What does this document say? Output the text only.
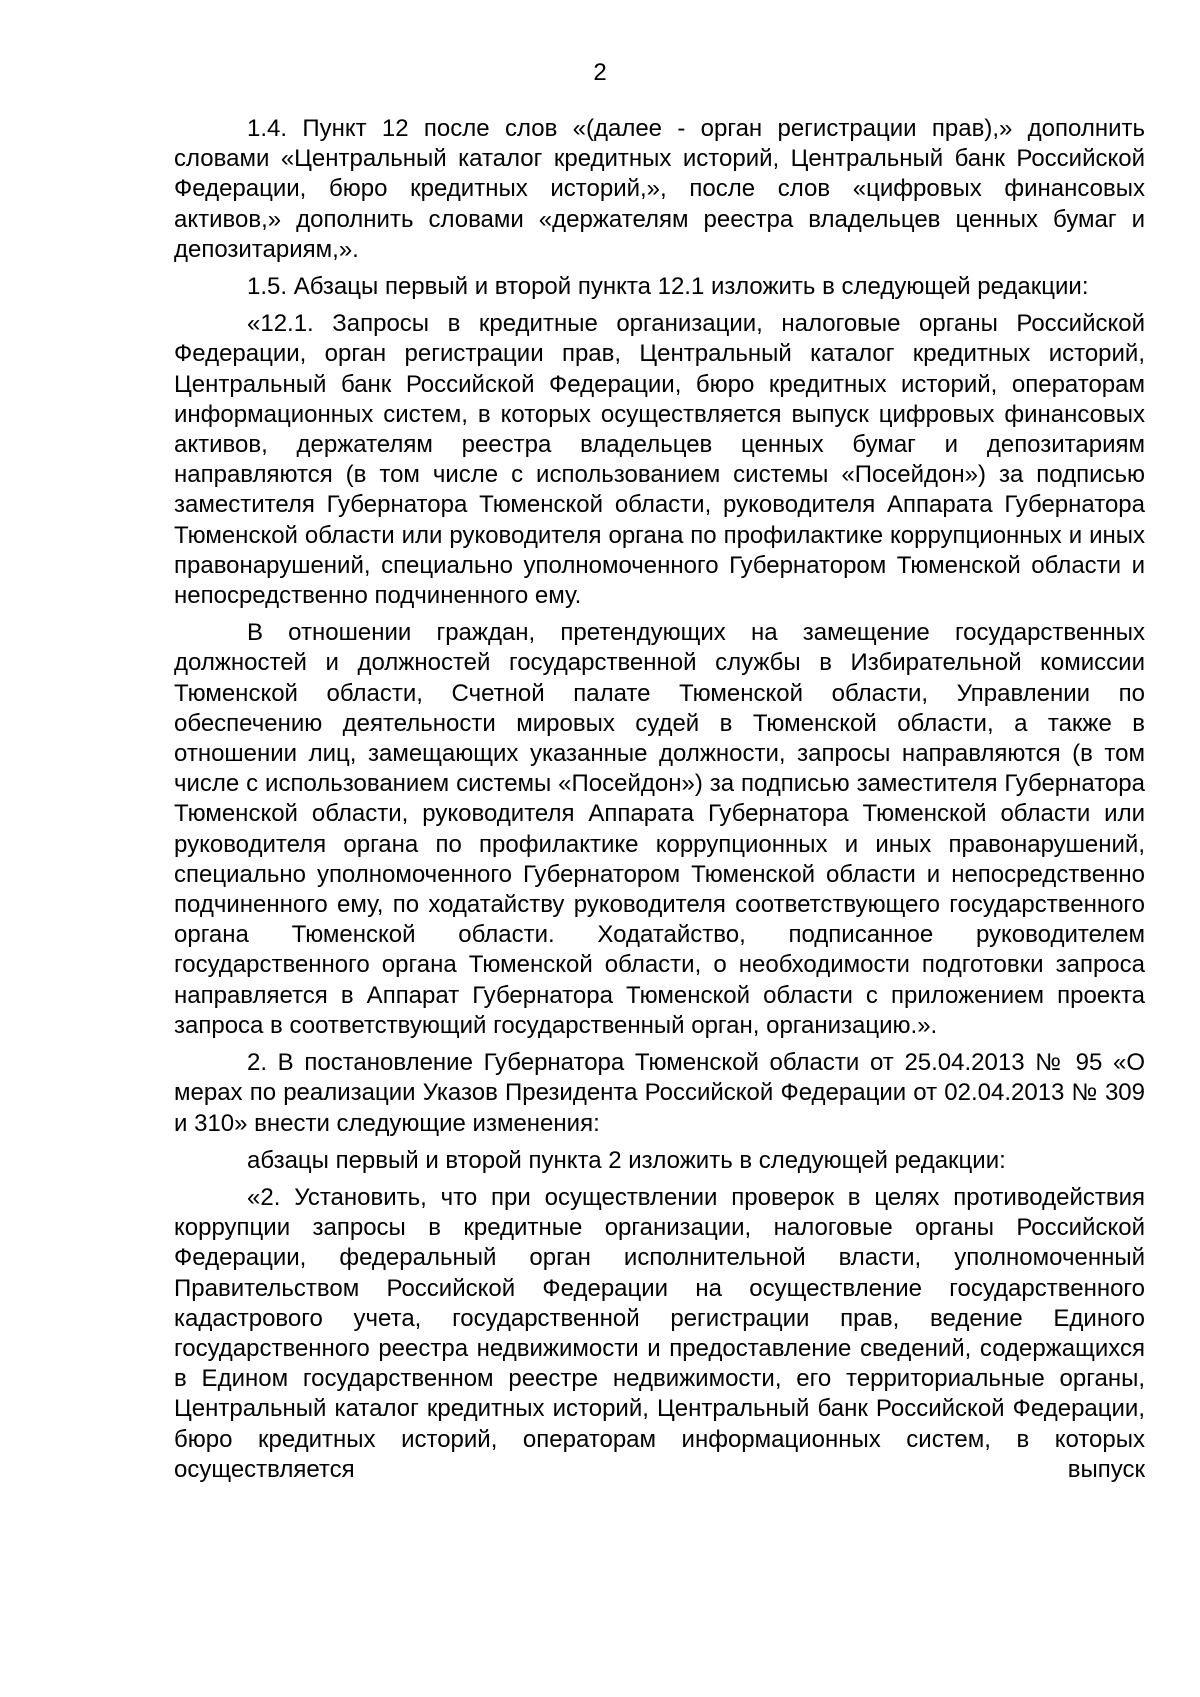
2

1.4. Пункт 12 после слов «(далее - орган регистрации прав),» дополнить словами «Центральный каталог кредитных историй, Центральный банк Российской Федерации, бюро кредитных историй,», после слов «цифровых финансовых активов,» дополнить словами «держателям реестра владельцев ценных бумаг и депозитариям,».

1.5. Абзацы первый и второй пункта 12.1 изложить в следующей редакции:

«12.1. Запросы в кредитные организации, налоговые органы Российской Федерации, орган регистрации прав, Центральный каталог кредитных историй, Центральный банк Российской Федерации, бюро кредитных историй, операторам информационных систем, в которых осуществляется выпуск цифровых финансовых активов, держателям реестра владельцев ценных бумаг и депозитариям направляются (в том числе с использованием системы «Посейдон») за подписью заместителя Губернатора Тюменской области, руководителя Аппарата Губернатора Тюменской области или руководителя органа по профилактике коррупционных и иных правонарушений, специально уполномоченного Губернатором Тюменской области и непосредственно подчиненного ему.

В отношении граждан, претендующих на замещение государственных должностей и должностей государственной службы в Избирательной комиссии Тюменской области, Счетной палате Тюменской области, Управлении по обеспечению деятельности мировых судей в Тюменской области, а также в отношении лиц, замещающих указанные должности, запросы направляются (в том числе с использованием системы «Посейдон») за подписью заместителя Губернатора Тюменской области, руководителя Аппарата Губернатора Тюменской области или руководителя органа по профилактике коррупционных и иных правонарушений, специально уполномоченного Губернатором Тюменской области и непосредственно подчиненного ему, по ходатайству руководителя соответствующего государственного органа Тюменской области. Ходатайство, подписанное руководителем государственного органа Тюменской области, о необходимости подготовки запроса направляется в Аппарат Губернатора Тюменской области с приложением проекта запроса в соответствующий государственный орган, организацию.».

2. В постановление Губернатора Тюменской области от 25.04.2013 № 95 «О мерах по реализации Указов Президента Российской Федерации от 02.04.2013 № 309 и 310» внести следующие изменения:

абзацы первый и второй пункта 2 изложить в следующей редакции:

«2. Установить, что при осуществлении проверок в целях противодействия коррупции запросы в кредитные организации, налоговые органы Российской Федерации, федеральный орган исполнительной власти, уполномоченный Правительством Российской Федерации на осуществление государственного кадастрового учета, государственной регистрации прав, ведение Единого государственного реестра недвижимости и предоставление сведений, содержащихся в Едином государственном реестре недвижимости, его территориальные органы, Центральный каталог кредитных историй, Центральный банк Российской Федерации, бюро кредитных историй, операторам информационных систем, в которых осуществляется выпуск
